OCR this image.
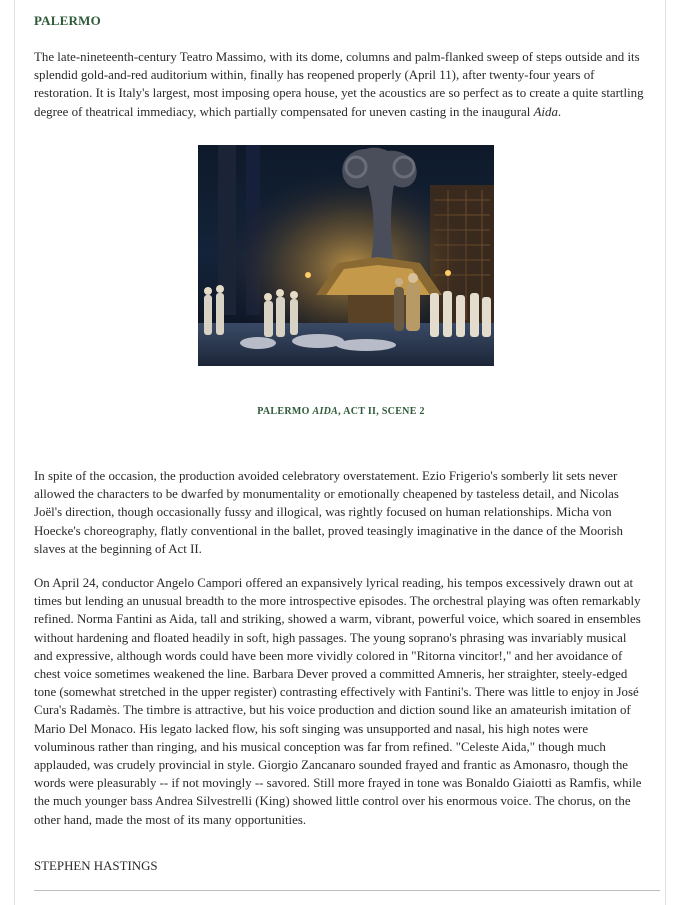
PALERMO

The late-nineteenth-century Teatro Massimo, with its dome, columns and palm-flanked sweep of steps outside and its splendid gold-and-red auditorium within, finally has reopened properly (April 11), after twenty-four years of restoration. It is Italy's largest, most imposing opera house, yet the acoustics are so perfect as to create a quite startling degree of theatrical immediacy, which partially compensated for uneven casting in the inaugural Aida.

PALERMO AIDA, ACT II, SCENE 2

In spite of the occasion, the production avoided celebratory overstatement. Ezio Frigerio's somberly lit sets never allowed the characters to be dwarfed by monumentality or emotionally cheapened by tasteless detail, and Nicolas Joël's direction, though occasionally fussy and illogical, was rightly focused on human relationships. Micha von Hoecke's choreography, flatly conventional in the ballet, proved teasingly imaginative in the dance of the Moorish slaves at the beginning of Act II.

On April 24, conductor Angelo Campori offered an expansively lyrical reading, his tempos excessively drawn out at times but lending an unusual breadth to the more introspective episodes. The orchestral playing was often remarkably refined. Norma Fantini as Aida, tall and striking, showed a warm, vibrant, powerful voice, which soared in ensembles without hardening and floated headily in soft, high passages. The young soprano's phrasing was invariably musical and expressive, although words could have been more vividly colored in "Ritorna vincitor!," and her avoidance of chest voice sometimes weakened the line. Barbara Dever proved a committed Amneris, her straighter, steely-edged tone (somewhat stretched in the upper register) contrasting effectively with Fantini's. There was little to enjoy in José Cura's Radamès. The timbre is attractive, but his voice production and diction sound like an amateurish imitation of Mario Del Monaco. His legato lacked flow, his soft singing was unsupported and nasal, his high notes were voluminous rather than ringing, and his musical conception was far from refined. "Celeste Aida," though much applauded, was crudely provincial in style. Giorgio Zancanaro sounded frayed and frantic as Amonasro, though the words were pleasurably -- if not movingly -- savored. Still more frayed in tone was Bonaldo Giaiotti as Ramfis, while the much younger bass Andrea Silvestrelli (King) showed little control over his enormous voice. The chorus, on the other hand, made the most of its many opportunities.

STEPHEN HASTINGS
